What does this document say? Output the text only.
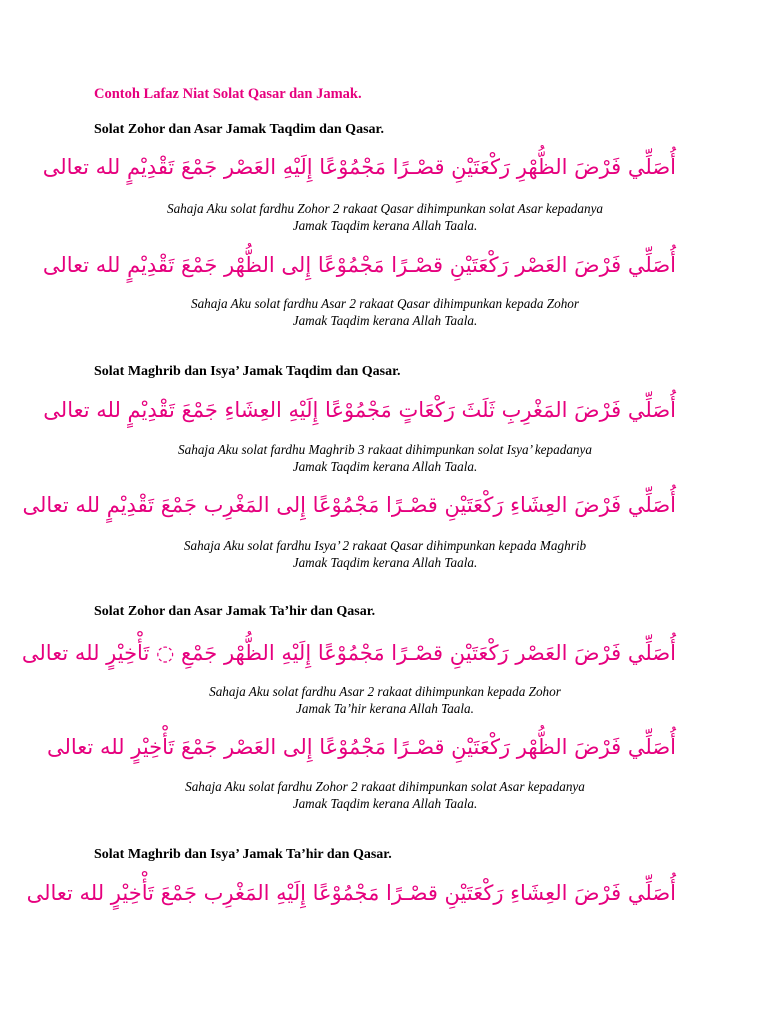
Contoh Lafaz Niat Solat Qasar dan Jamak.
Solat Zohor dan Asar Jamak Taqdim dan Qasar.
أُصَلِّي فَرْضَ الظُّهْرِ رَكْعَتَيْنِ قصْـرًا مَجْمُوْعًا إِلَيْهِ العَصْر جَمْعَ تَقْدِيْمٍ لله تعالى
Sahaja Aku solat fardhu Zohor 2 rakaat Qasar dihimpunkan solat Asar kepadanya
Jamak Taqdim kerana Allah Taala.
أُصَلِّي فَرْضَ العَصْر رَكْعَتَيْنِ قصْـرًا مَجْمُوْعًا إِلى الظُّهْر جَمْعَ تَقْدِيْمٍ لله تعالى
Sahaja Aku solat fardhu Asar 2 rakaat Qasar dihimpunkan kepada Zohor
Jamak Taqdim kerana Allah Taala.
Solat Maghrib dan Isya’ Jamak Taqdim dan Qasar.
أُصَلِّي فَرْضَ المَغْرِبِ ثَلَثَ رَكْعَاتٍ مَجْمُوْعًا إِلَيْهِ العِشَاءِ جَمْعَ تَقْدِيْمٍ لله تعالى
Sahaja Aku solat fardhu Maghrib 3 rakaat dihimpunkan solat Isya’ kepadanya
Jamak Taqdim kerana Allah Taala.
أُصَلِّي فَرْضَ العِشَاءِ رَكْعَتَيْنِ قصْـرًا مَجْمُوْعًا إِلى المَغْرِب جَمْعَ تَقْدِيْمٍ لله تعالى
Sahaja Aku solat fardhu Isya’ 2 rakaat Qasar dihimpunkan kepada Maghrib
Jamak Taqdim kerana Allah Taala.
Solat Zohor dan Asar Jamak Ta’hir dan Qasar.
أُصَلِّي فَرْضَ العَصْر رَكْعَتَيْنِ قصْـرًا مَجْمُوْعًا إِلَيْهِ الظُّهْر جَمْعِ ◌ تَأْخِيْرٍ لله تعالى
Sahaja Aku solat fardhu Asar 2 rakaat dihimpunkan kepada Zohor
Jamak Ta’hir kerana Allah Taala.
أُصَلِّي فَرْضَ الظُّهْر رَكْعَتَيْنِ قصْـرًا مَجْمُوْعًا إِلى العَصْر جَمْعَ تَأْخِيْرٍ لله تعالى
Sahaja Aku solat fardhu Zohor 2 rakaat dihimpunkan solat Asar kepadanya
Jamak Taqdim kerana Allah Taala.
Solat Maghrib dan Isya’ Jamak Ta’hir dan Qasar.
أُصَلِّي فَرْضَ العِشَاءِ رَكْعَتَيْنِ قصْـرًا مَجْمُوْعًا إِلَيْهِ المَغْرِب جَمْعَ تَأْخِيْرٍ لله تعالى
